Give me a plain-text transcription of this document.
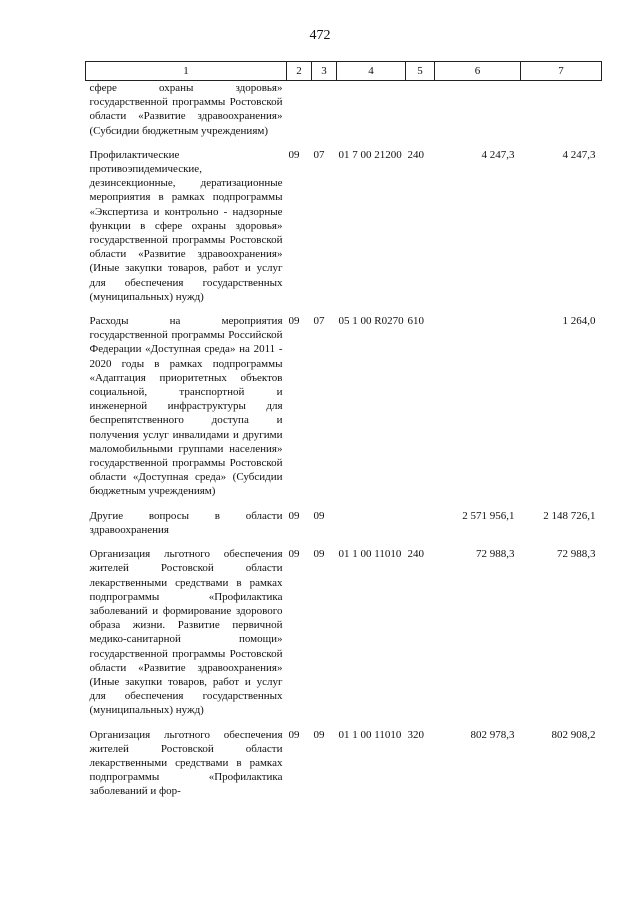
472
1	2	3	4	5	6	7
сфере охраны здоровья» государственной программы Ростовской области «Развитие здравоохранения» (Субсидии бюджетным учреждениям)						

Профилактические противоэпидемические, дезинсекционные, дератизационные мероприятия в рамках подпрограммы «Экспертиза и контрольно - надзорные функции в сфере охраны здоровья» государственной программы Ростовской области «Развитие здравоохранения» (Иные закупки товаров, работ и услуг для обеспечения государственных (муниципальных) нужд)	09	07	01 7 00 21200	240	4 247,3	4 247,3

Расходы на мероприятия государственной программы Российской Федерации «Доступная среда» на 2011 - 2020 годы в рамках подпрограммы «Адаптация приоритетных объектов социальной, транспортной и инженерной инфраструктуры для беспрепятственного доступа и получения услуг инвалидами и другими маломобильными группами населения» государственной программы Ростовской области «Доступная среда» (Субсидии бюджетным учреждениям)	09	07	05 1 00 R0270	610		1 264,0

Другие вопросы в области здравоохранения	09	09			2 571 956,1	2 148 726,1

Организация льготного обеспечения жителей Ростовской области лекарственными средствами в рамках подпрограммы «Профилактика заболеваний и формирование здорового образа жизни. Развитие первичной медико-санитарной помощи» государственной программы Ростовской области «Развитие здравоохранения» (Иные закупки товаров, работ и услуг для обеспечения государственных (муниципальных) нужд)	09	09	01 1 00 11010	240	72 988,3	72 988,3

Организация льготного обеспечения жителей Ростовской области лекарственными средствами в рамках подпрограммы «Профилактика заболеваний и фор-	09	09	01 1 00 11010	320	802 978,3	802 908,2
